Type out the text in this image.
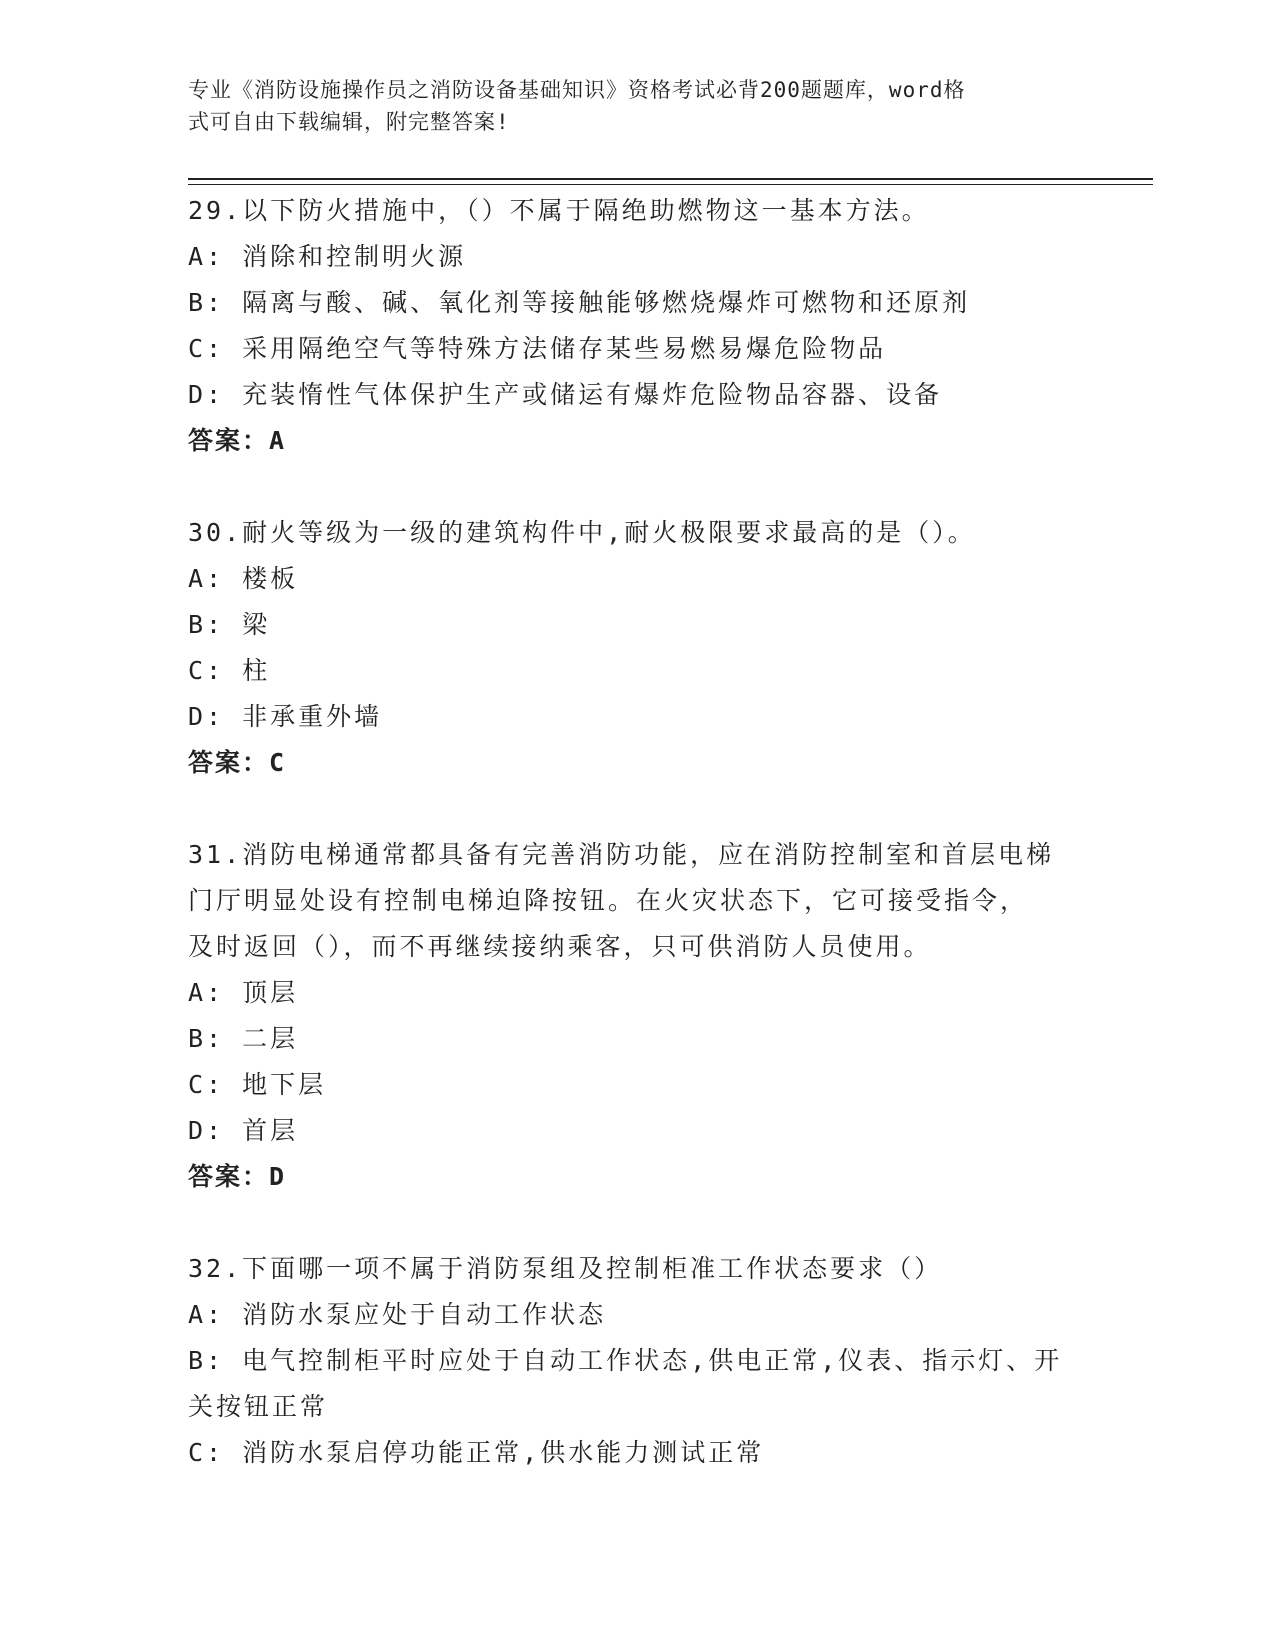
专业《消防设施操作员之消防设备基础知识》资格考试必背200题题库，word格
式可自由下载编辑，附完整答案!
29.以下防火措施中，（）不属于隔绝助燃物这一基本方法。
A: 消除和控制明火源
B: 隔离与酸、碱、氧化剂等接触能够燃烧爆炸可燃物和还原剂
C: 采用隔绝空气等特殊方法储存某些易燃易爆危险物品
D: 充装惰性气体保护生产或储运有爆炸危险物品容器、设备
答案：A
30.耐火等级为一级的建筑构件中,耐火极限要求最高的是（）。
A: 楼板
B: 梁
C: 柱
D: 非承重外墙
答案：C
31.消防电梯通常都具备有完善消防功能，应在消防控制室和首层电梯
门厅明显处设有控制电梯迫降按钮。在火灾状态下，它可接受指令，
及时返回（），而不再继续接纳乘客，只可供消防人员使用。
A: 顶层
B: 二层
C: 地下层
D: 首层
答案：D
32.下面哪一项不属于消防泵组及控制柜准工作状态要求（）
A: 消防水泵应处于自动工作状态
B: 电气控制柜平时应处于自动工作状态,供电正常,仪表、指示灯、开
关按钮正常
C: 消防水泵启停功能正常,供水能力测试正常
